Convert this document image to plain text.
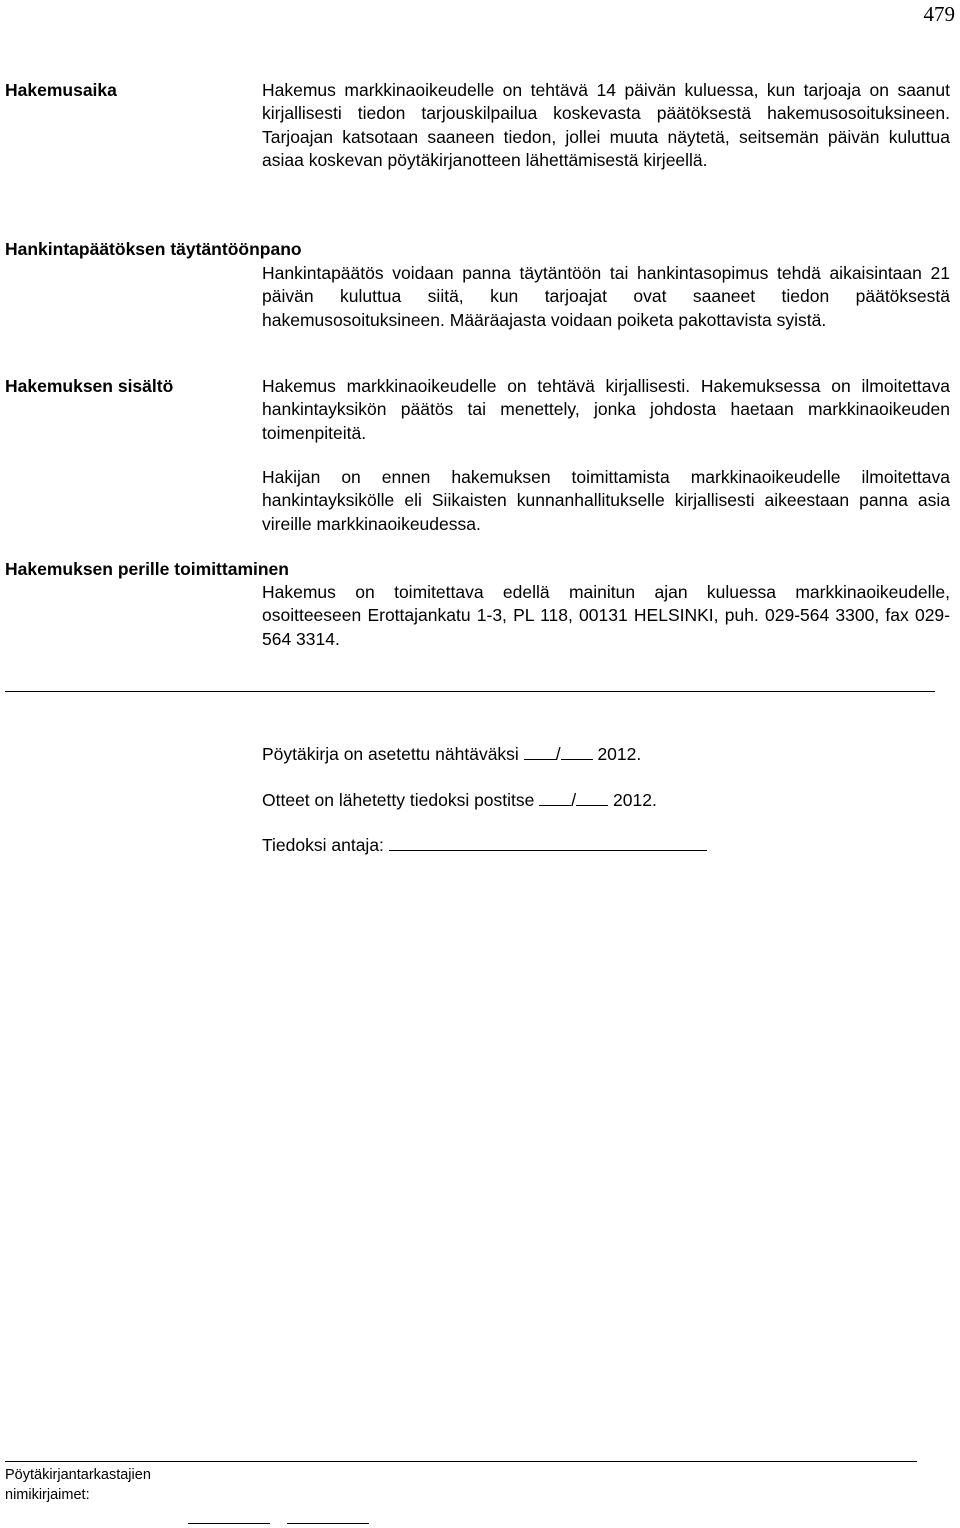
479
Hakemusaika	Hakemus markkinaoikeudelle on tehtävä 14 päivän kuluessa, kun tarjoaja on saanut kirjallisesti tiedon tarjouskilpailua koskevasta päätöksestä hakemusosoituksineen. Tarjoajan katsotaan saaneen tiedon, jollei muuta näytetä, seitsemän päivän kuluttua asiaa koskevan pöytäkirjanotteen lähettämisestä kirjeellä.
Hankintapäätöksen täytäntöönpano
Hankintapäätös voidaan panna täytäntöön tai hankintasopimus tehdä aikaisintaan 21 päivän kuluttua siitä, kun tarjoajat ovat saaneet tiedon päätöksestä hakemusosoituksineen. Määräajasta voidaan poiketa pakottavista syistä.
Hakemuksen sisältö	Hakemus markkinaoikeudelle on tehtävä kirjallisesti. Hakemuksessa on ilmoitettava hankintayksikön päätös tai menettely, jonka johdosta haetaan markkinaoikeuden toimenpiteitä.
Hakijan on ennen hakemuksen toimittamista markkinaoikeudelle ilmoitettava hankintayksikölle eli Siikaisten kunnanhallitukselle kirjallisesti aikeestaan panna asia vireille markkinaoikeudessa.
Hakemuksen perille toimittaminen
Hakemus on toimitettava edellä mainitun ajan kuluessa markkinaoikeudelle, osoitteeseen Erottajankatu 1-3, PL 118, 00131 HELSINKI, puh. 029-564 3300, fax 029-564 3314.
Pöytäkirja on asetettu nähtäväksi / 2012.
Otteet on lähetetty tiedoksi postitse / 2012.
Tiedoksi antaja:
Pöytäkirjantarkastajien
nimikirjaimet:
